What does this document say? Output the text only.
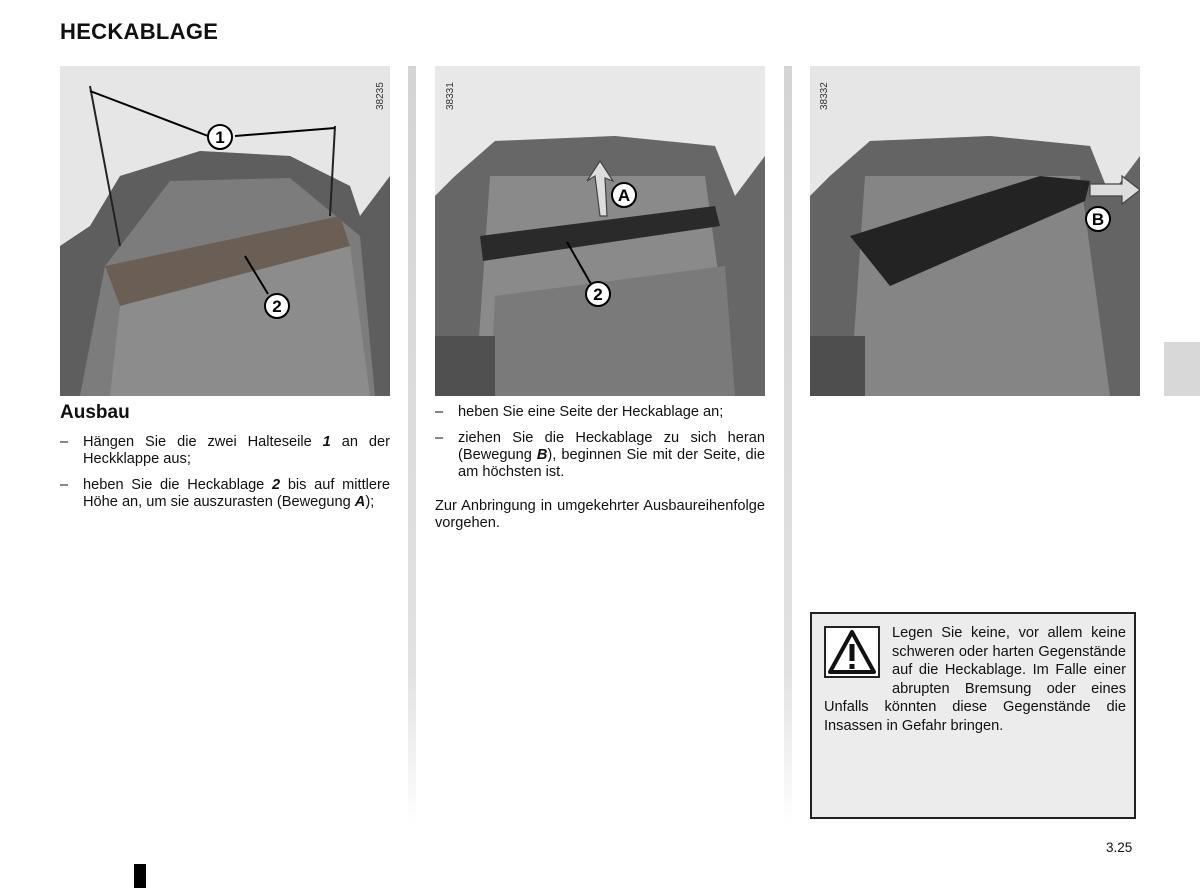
HECKABLAGE
1
2
38235
A
2
38331
B
38332
Ausbau
– Hängen Sie die zwei Halteseile 1 an der Heckklappe aus;
– heben Sie die Heckablage 2 bis auf mittlere Höhe an, um sie auszurasten (Bewegung A);
– heben Sie eine Seite der Heckablage an;
– ziehen Sie die Heckablage zu sich heran (Bewegung B), beginnen Sie mit der Seite, die am höchsten ist.
Zur Anbringung in umgekehrter Ausbaureihenfolge vorgehen.
Legen Sie keine, vor allem keine schweren oder harten Gegenstände auf die Heckablage. Im Falle einer abrupten Bremsung oder eines Unfalls könnten diese Gegenstände die Insassen in Gefahr bringen.
3.25
